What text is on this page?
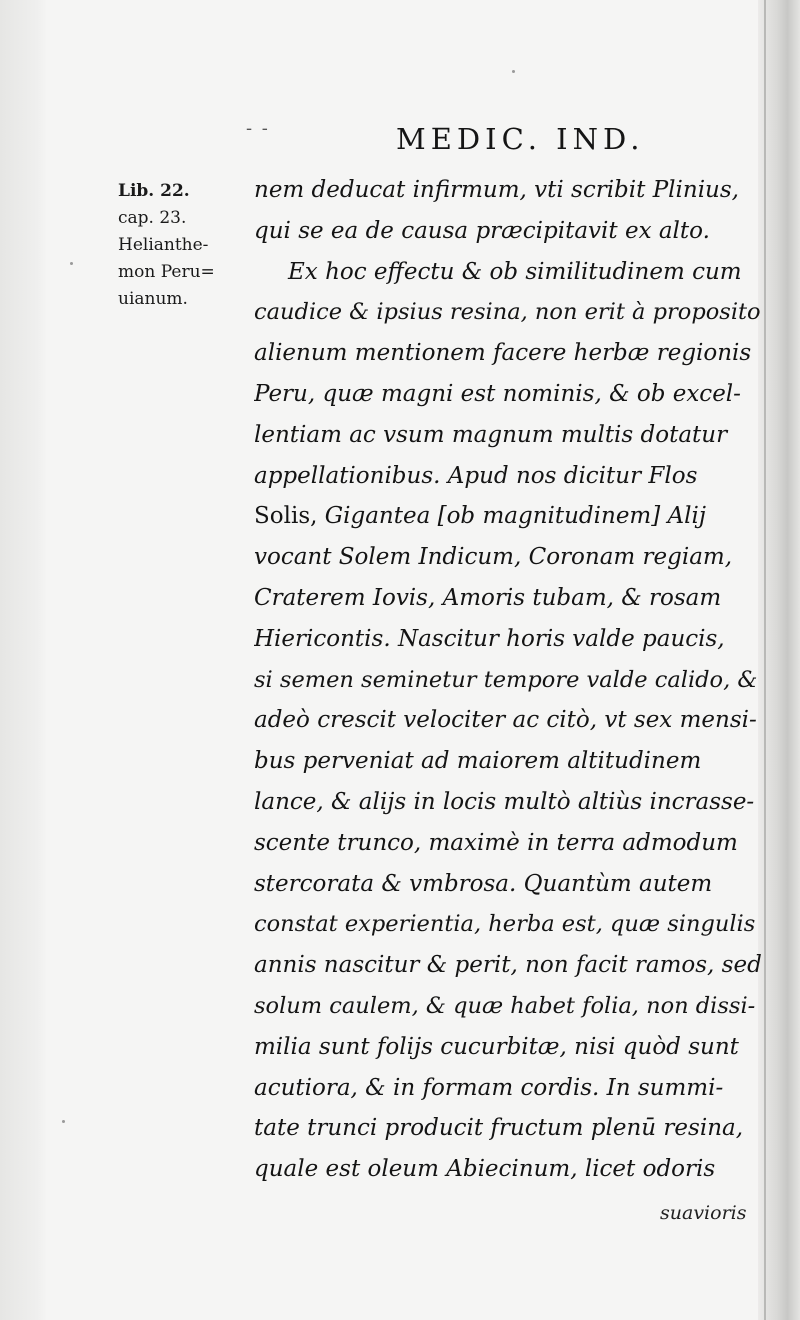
- -	MEDIC. IND.
Lib. 22.
cap. 23.
Helianthe-
mon Peru=
uianum.
nem deducat infirmum, vti scribit Plinius,
qui se ea de causa præcipitavit ex alto.
Ex hoc effectu & ob similitudinem cum
caudice & ipsius resina, non erit à proposito
alienum mentionem facere herbæ regionis
Peru, quæ magni est nominis, & ob excel-
lentiam ac vsum magnum multis dotatur
appellationibus. Apud nos dicitur Flos
Solis, Gigantea [ob magnitudinem] Alij
vocant Solem Indicum, Coronam regiam,
Craterem Iovis, Amoris tubam, & rosam
Hiericontis. Nascitur horis valde paucis,
si semen seminetur tempore valde calido, &
adeò crescit velociter ac citò, vt sex mensi-
bus perveniat ad maiorem altitudinem
lance, & alijs in locis multò altiùs incrasse-
scente trunco, maximè in terra admodum
stercorata & vmbrosa. Quantùm autem
constat experientia, herba est, quæ singulis
annis nascitur & perit, non facit ramos, sed
solum caulem, & quæ habet folia, non dissi-
milia sunt folijs cucurbitæ, nisi quòd sunt
acutiora, & in formam cordis. In summi-
tate trunci producit fructum plenū resina,
quale est oleum Abiecinum, licet odoris
suavioris
